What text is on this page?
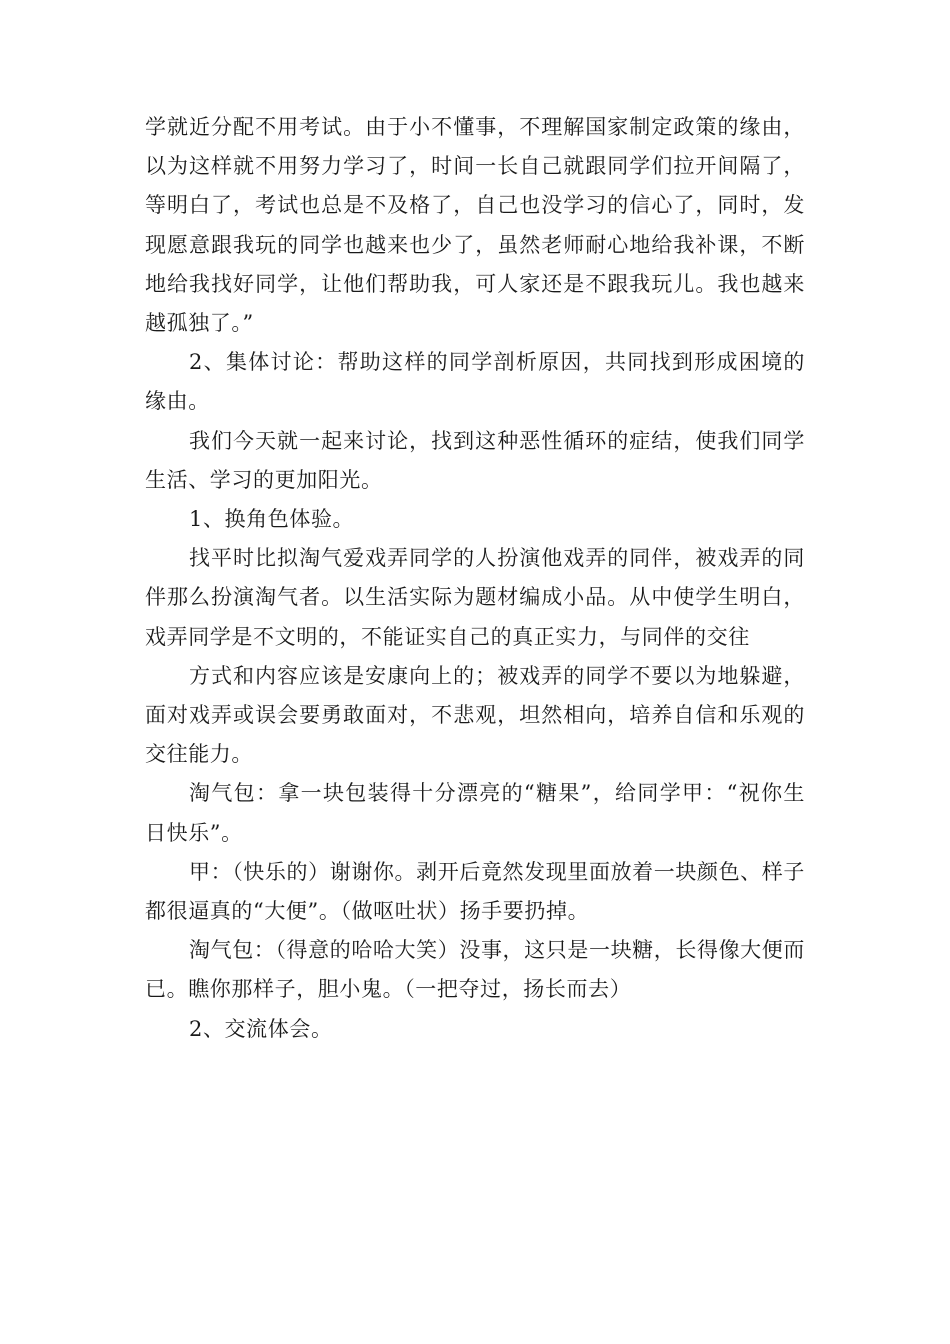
学就近分配不用考试。由于小不懂事，不理解国家制定政策的缘由，以为这样就不用努力学习了，时间一长自己就跟同学们拉开间隔了，等明白了，考试也总是不及格了，自己也没学习的信心了，同时，发现愿意跟我玩的同学也越来也少了，虽然老师耐心地给我补课，不断地给我找好同学，让他们帮助我，可人家还是不跟我玩儿。我也越来越孤独了。”

2、集体讨论：帮助这样的同学剖析原因，共同找到形成困境的缘由。

我们今天就一起来讨论，找到这种恶性循环的症结，使我们同学生活、学习的更加阳光。

1、换角色体验。

找平时比拟淘气爱戏弄同学的人扮演他戏弄的同伴，被戏弄的同伴那么扮演淘气者。以生活实际为题材编成小品。从中使学生明白，戏弄同学是不文明的，不能证实自己的真正实力，与同伴的交往

方式和内容应该是安康向上的；被戏弄的同学不要以为地躲避，面对戏弄或误会要勇敢面对，不悲观，坦然相向，培养自信和乐观的交往能力。

淘气包：拿一块包装得十分漂亮的“糖果”，给同学甲：“祝你生日快乐”。

甲：（快乐的）谢谢你。剥开后竟然发现里面放着一块颜色、样子都很逼真的“大便”。（做呕吐状）扬手要扔掉。

淘气包：（得意的哈哈大笑）没事，这只是一块糖，长得像大便而已。瞧你那样子，胆小鬼。（一把夺过，扬长而去）

2、交流体会。
